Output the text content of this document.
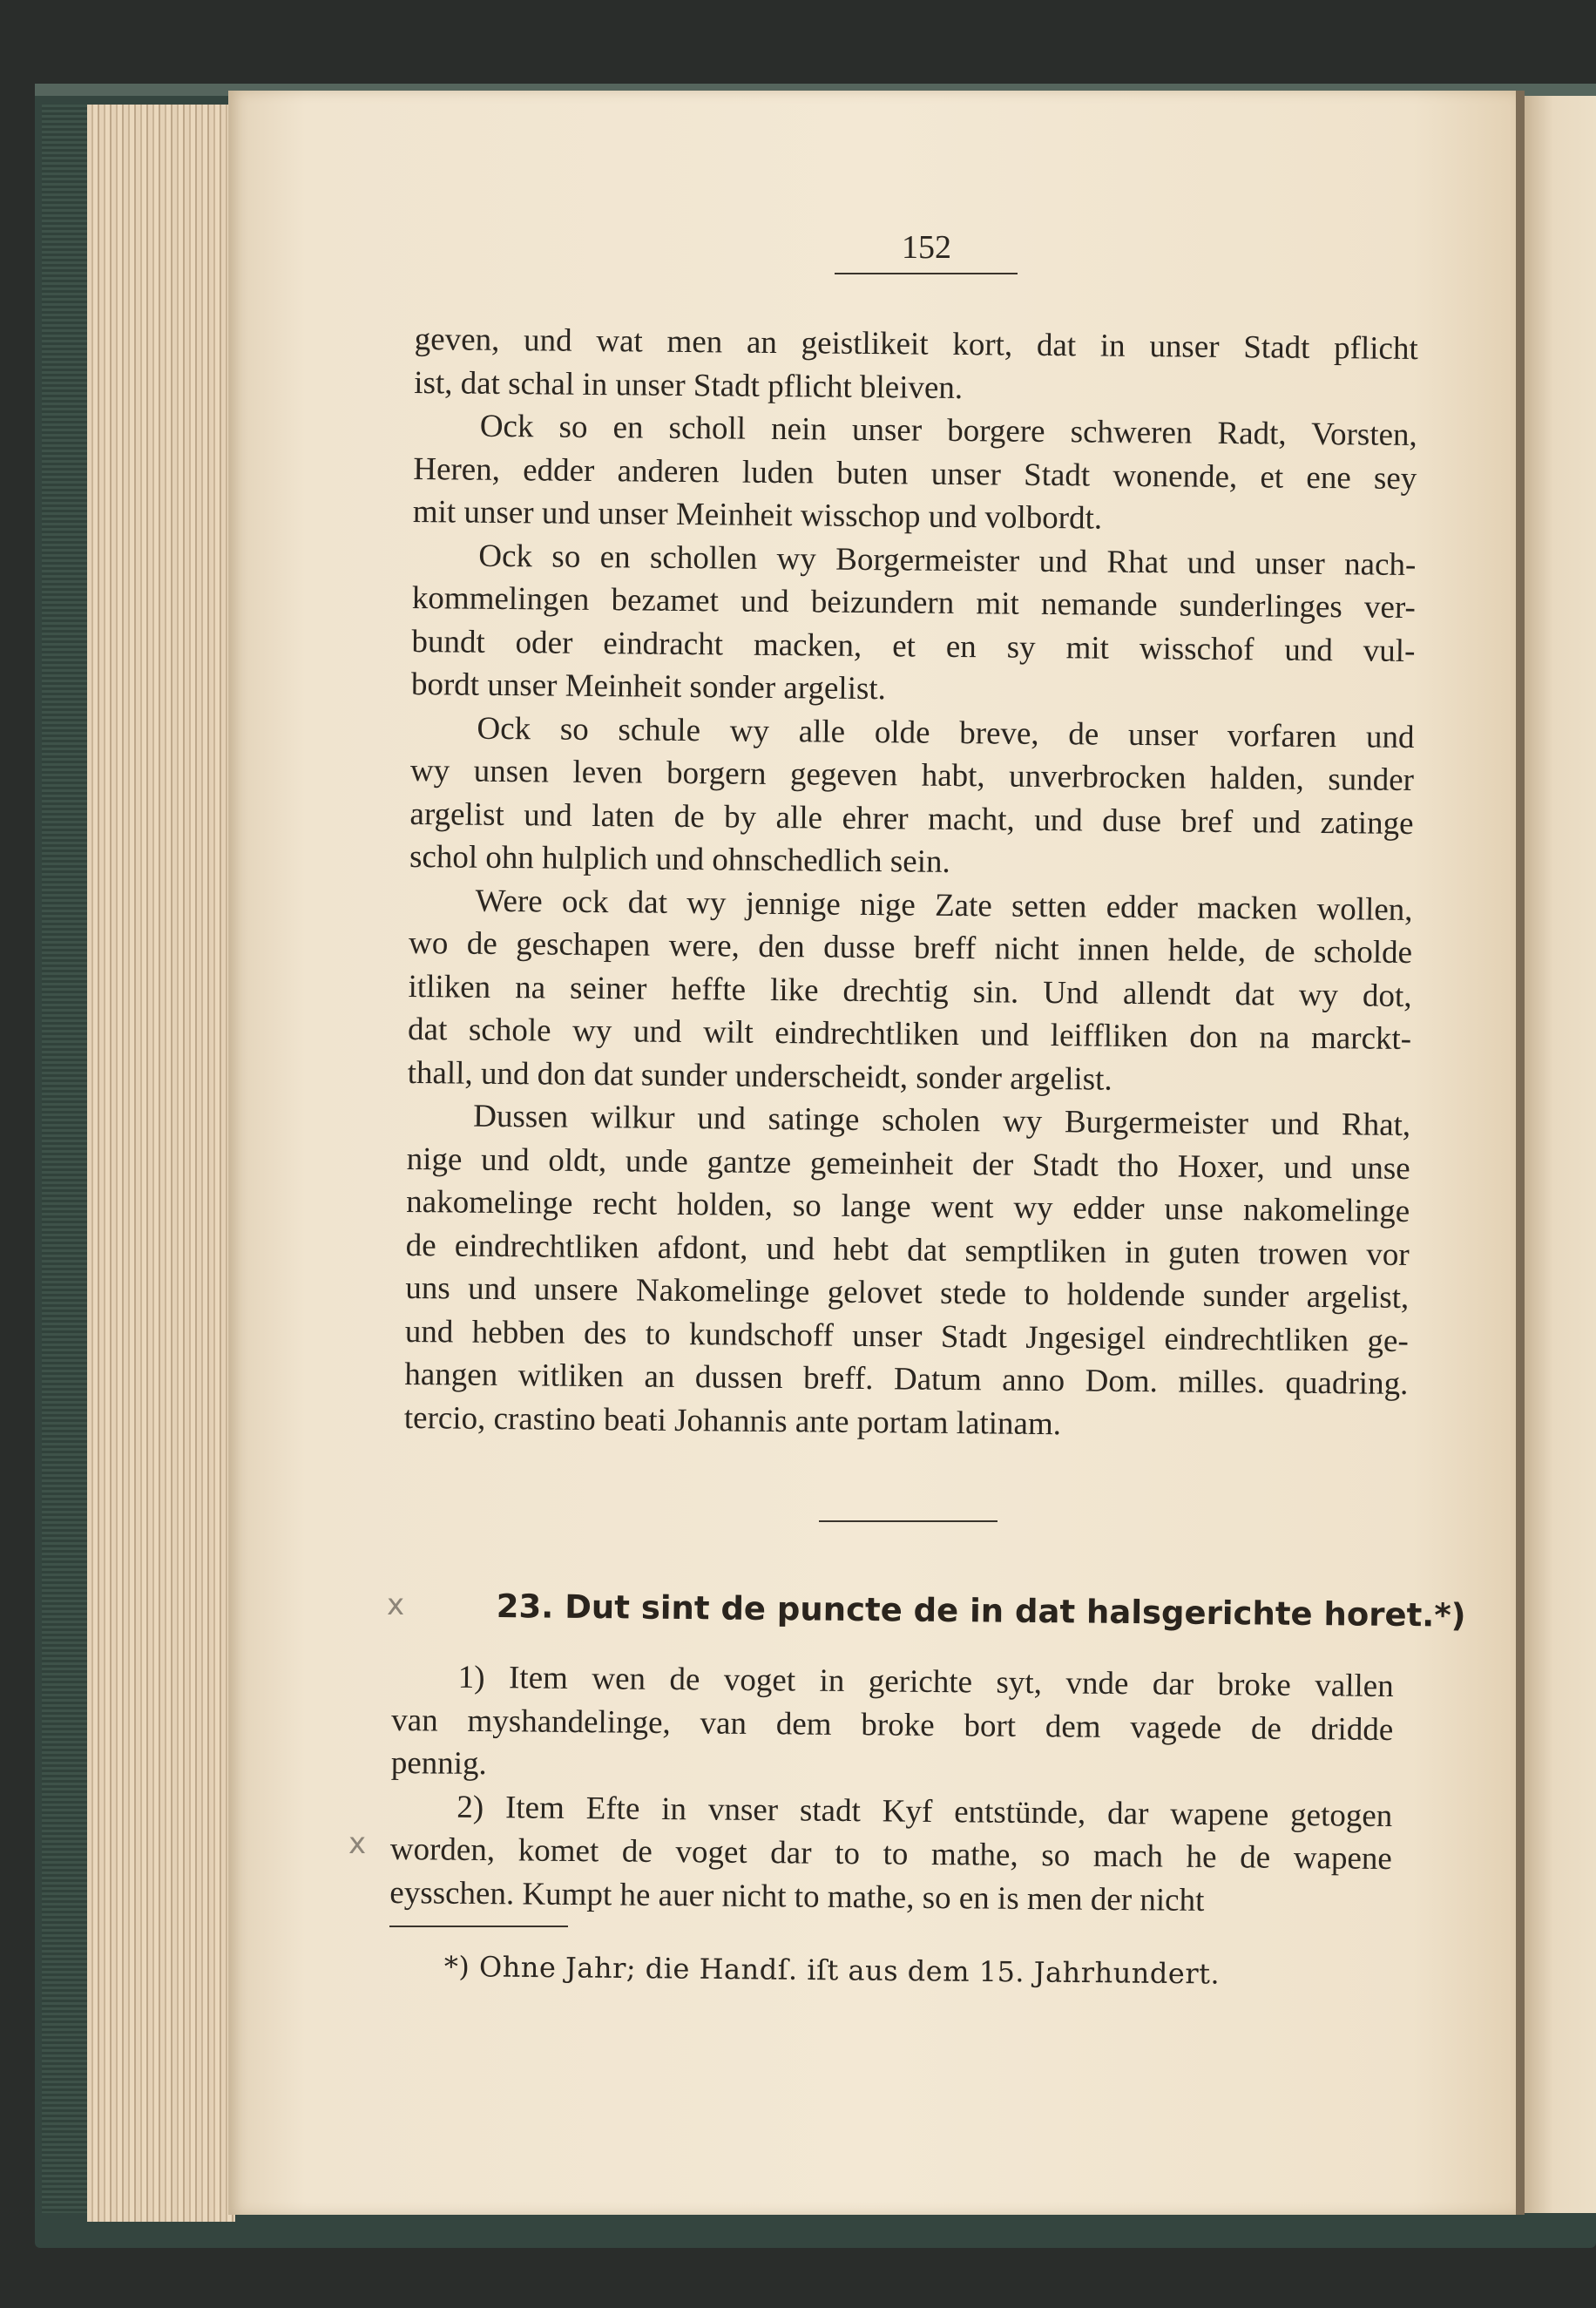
152
geven, und wat men an geistlikeit kort, dat in unser Stadt pflicht
ist, dat schal in unser Stadt pflicht bleiven.
Ock so en scholl nein unser borgere schweren Radt, Vorsten,
Heren, edder anderen luden buten unser Stadt wonende, et ene sey
mit unser und unser Meinheit wisschop und volbordt.
Ock so en schollen wy Borgermeister und Rhat und unser nach-
kommelingen bezamet und beizundern mit nemande sunderlinges ver-
bundt oder eindracht macken, et en sy mit wisschof und vul-
bordt unser Meinheit sonder argelist.
Ock so schule wy alle olde breve, de unser vorfaren und
wy unsen leven borgern gegeven habt, unverbrocken halden, sunder
argelist und laten de by alle ehrer macht, und duse bref und zatinge
schol ohn hulplich und ohnschedlich sein.
Were ock dat wy jennige nige Zate setten edder macken wollen,
wo de geschapen were, den dusse breff nicht innen helde, de scholde
itliken na seiner heffte like drechtig sin. Und allendt dat wy dot,
dat schole wy und wilt eindrechtliken und leiffliken don na marckt-
thall, und don dat sunder underscheidt, sonder argelist.
Dussen wilkur und satinge scholen wy Burgermeister und Rhat,
nige und oldt, unde gantze gemeinheit der Stadt tho Hoxer, und unse
nakomelinge recht holden, so lange went wy edder unse nakomelinge
de eindrechtliken afdont, und hebt dat semptliken in guten trowen vor
uns und unsere Nakomelinge gelovet stede to holdende sunder argelist,
und hebben des to kundschoff unser Stadt Jngesigel eindrechtliken ge-
hangen witliken an dussen breff. Datum anno Dom. milles. quadring.
tercio, crastino beati Johannis ante portam latinam.
x	23. Dut sint de puncte de in dat halsgerichte horet.*)
x
1) Item wen de voget in gerichte syt, vnde dar broke vallen
van myshandelinge, van dem broke bort dem vagede de dridde
pennig.
2) Item Efte in vnser stadt Kyf entstünde, dar wapene getogen
worden, komet de voget dar to to mathe, so mach he de wapene
eysschen. Kumpt he auer nicht to mathe, so en is men der nicht
*) Ohne Jahr; die Handſ. iſt aus dem 15. Jahrhundert.
